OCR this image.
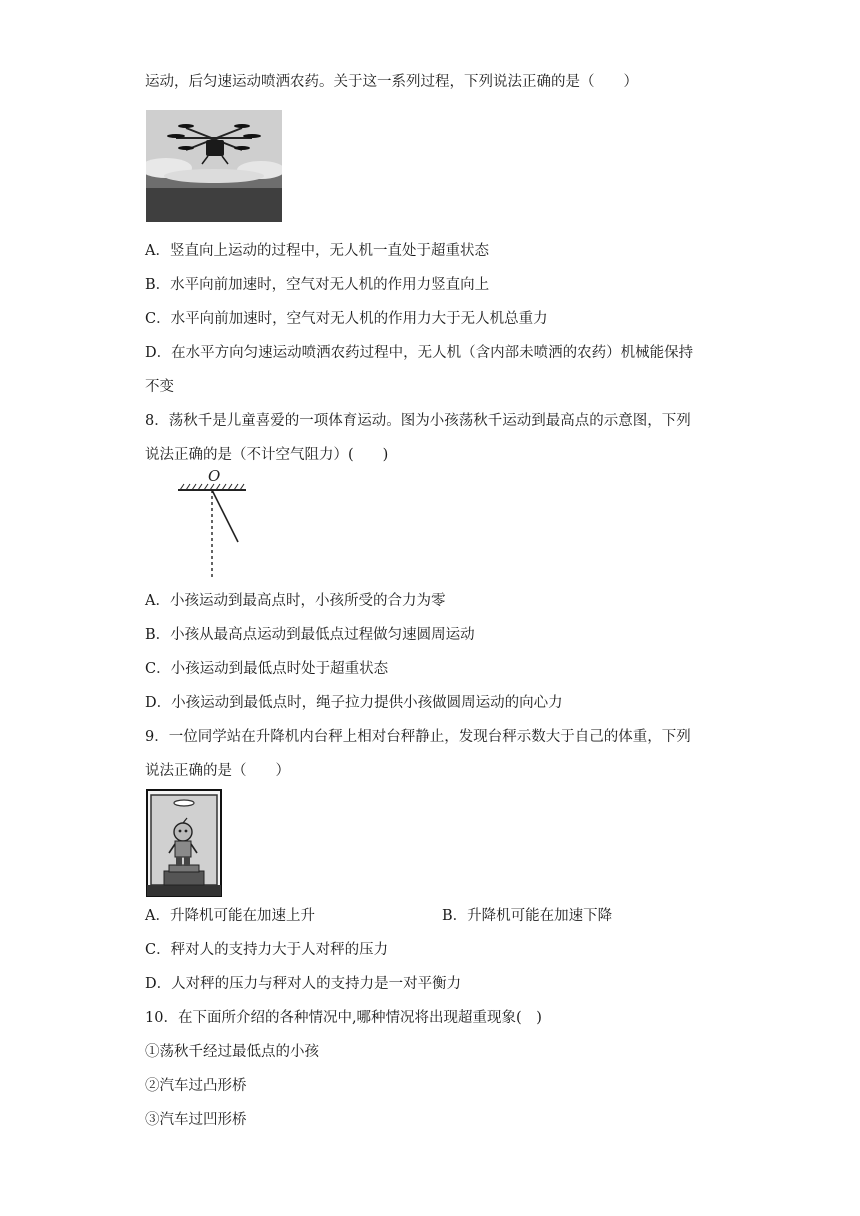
运动，后匀速运动喷洒农药。关于这一系列过程，下列说法正确的是（　　）
A．竖直向上运动的过程中，无人机一直处于超重状态
B．水平向前加速时，空气对无人机的作用力竖直向上
C．水平向前加速时，空气对无人机的作用力大于无人机总重力
D．在水平方向匀速运动喷洒农药过程中，无人机（含内部未喷洒的农药）机械能保持
不变
8．荡秋千是儿童喜爱的一项体育运动。图为小孩荡秋千运动到最高点的示意图，下列
说法正确的是（不计空气阻力）(　　)
O
A．小孩运动到最高点时，小孩所受的合力为零
B．小孩从最高点运动到最低点过程做匀速圆周运动
C．小孩运动到最低点时处于超重状态
D．小孩运动到最低点时，绳子拉力提供小孩做圆周运动的向心力
9．一位同学站在升降机内台秤上相对台秤静止，发现台秤示数大于自己的体重，下列
说法正确的是（　　）
A．升降机可能在加速上升	B．升降机可能在加速下降
C．秤对人的支持力大于人对秤的压力
D．人对秤的压力与秤对人的支持力是一对平衡力
10．在下面所介绍的各种情况中,哪种情况将出现超重现象(　)
①荡秋千经过最低点的小孩
②汽车过凸形桥
③汽车过凹形桥
